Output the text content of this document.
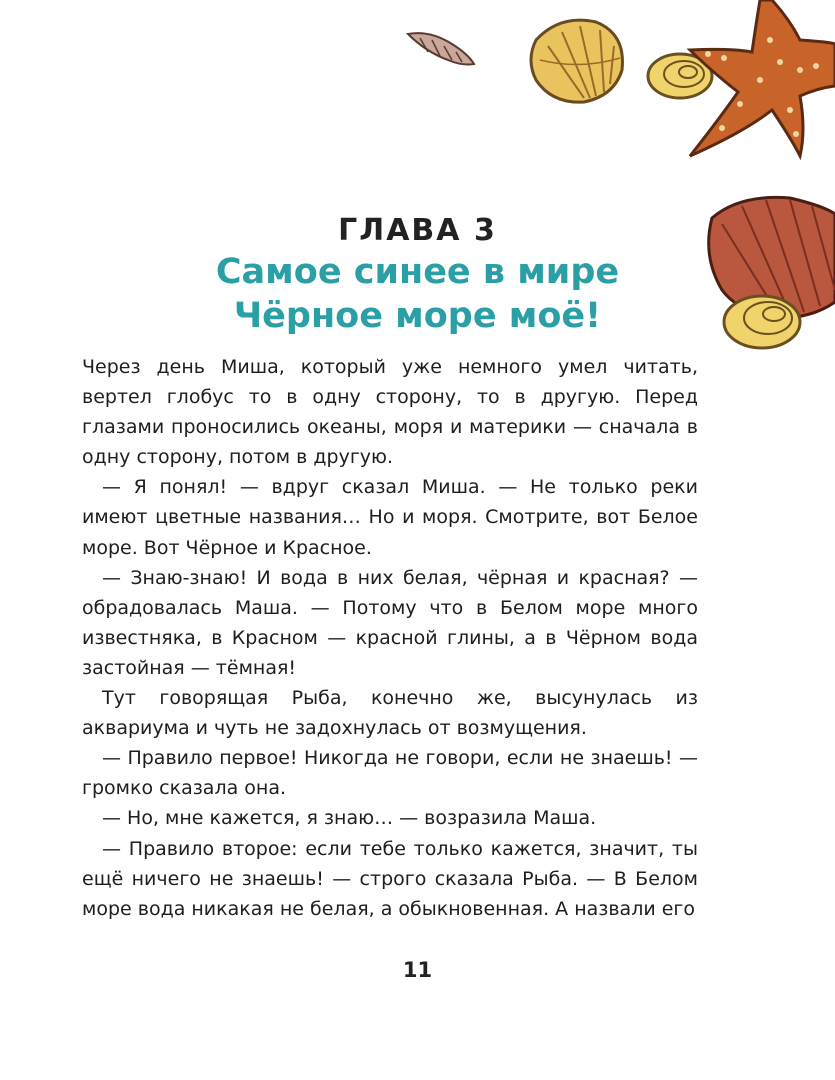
ГЛАВА 3
Самое синее в мире
Чёрное море моё!

Через день Миша, который уже немного умел читать, вертел глобус то в одну сторону, то в другую. Перед глазами проносились океаны, моря и материки — сначала в одну сторону, потом в другую.

— Я понял! — вдруг сказал Миша. — Не только реки имеют цветные названия… Но и моря. Смотрите, вот Белое море. Вот Чёрное и Красное.

— Знаю-знаю! И вода в них белая, чёрная и красная? — обрадовалась Маша. — Потому что в Белом море много известняка, в Красном — красной глины, а в Чёрном вода застойная — тёмная!

Тут говорящая Рыба, конечно же, высунулась из аквариума и чуть не задохнулась от возмущения.

— Правило первое! Никогда не говори, если не знаешь! — громко сказала она.

— Но, мне кажется, я знаю… — возразила Маша.

— Правило второе: если тебе только кажется, значит, ты ещё ничего не знаешь! — строго сказала Рыба. — В Белом море вода никакая не белая, а обыкновенная. А назвали его

11
